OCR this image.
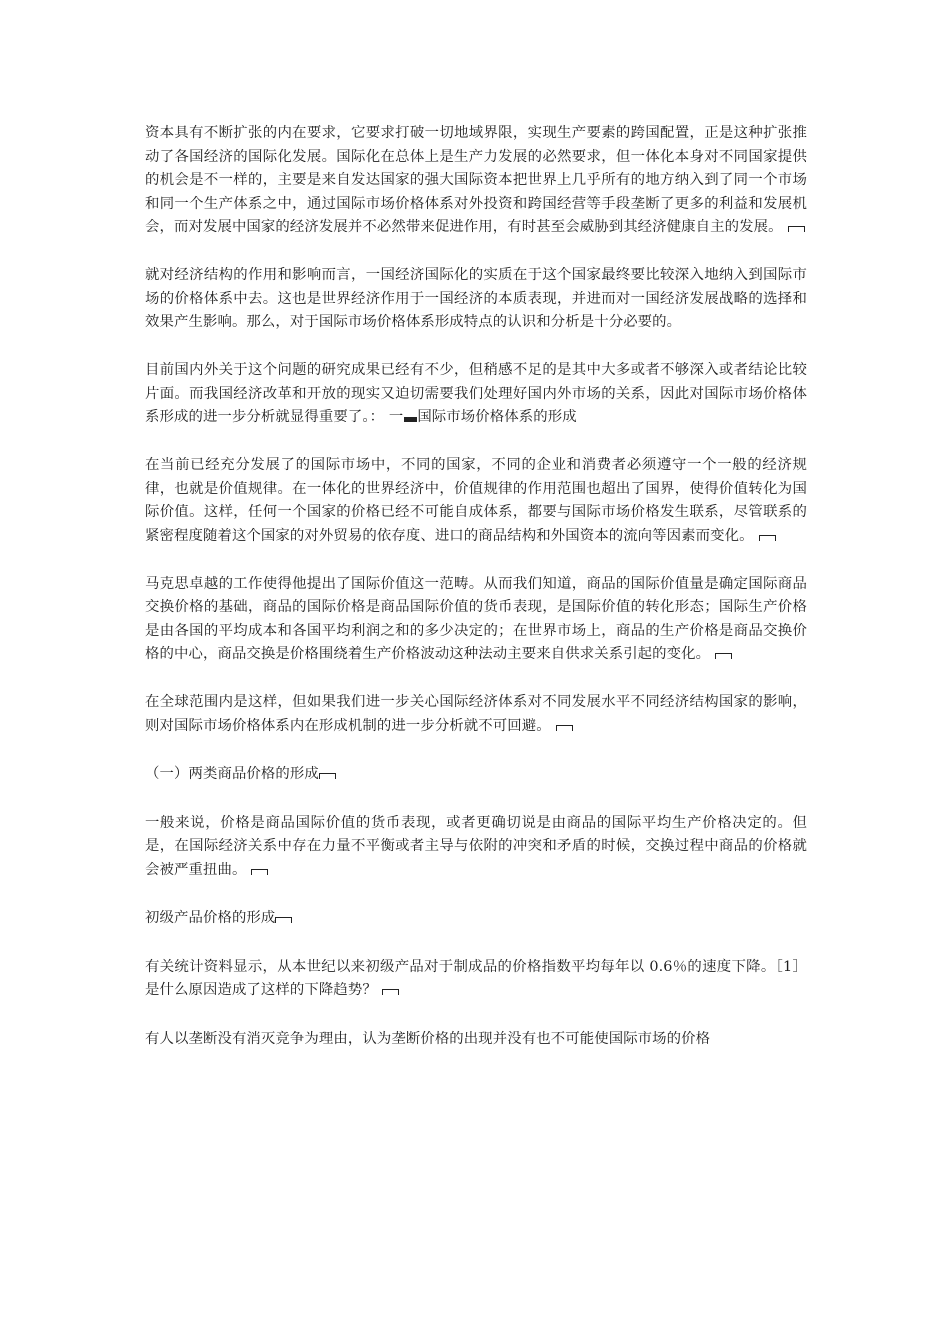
资本具有不断扩张的内在要求，它要求打破一切地域界限，实现生产要素的跨国配置，正是这种扩张推动了各国经济的国际化发展。国际化在总体上是生产力发展的必然要求，但一体化本身对不同国家提供的机会是不一样的，主要是来自发达国家的强大国际资本把世界上几乎所有的地方纳入到了同一个市场和同一个生产体系之中，通过国际市场价格体系对外投资和跨国经营等手段垄断了更多的利益和发展机会，而对发展中国家的经济发展并不必然带来促进作用，有时甚至会威胁到其经济健康自主的发展。

就对经济结构的作用和影响而言，一国经济国际化的实质在于这个国家最终要比较深入地纳入到国际市场的价格体系中去。这也是世界经济作用于一国经济的本质表现，并进而对一国经济发展战略的选择和效果产生影响。那么，对于国际市场价格体系形成特点的认识和分析是十分必要的。

目前国内外关于这个问题的研究成果已经有不少，但稍感不足的是其中大多或者不够深入或者结论比较片面。而我国经济改革和开放的现实又迫切需要我们处理好国内外市场的关系，因此对国际市场价格体系形成的进一步分析就显得重要了。： 一 国际市场价格体系的形成

在当前已经充分发展了的国际市场中，不同的国家，不同的企业和消费者必须遵守一个一般的经济规律，也就是价值规律。在一体化的世界经济中，价值规律的作用范围也超出了国界，使得价值转化为国际价值。这样，任何一个国家的价格已经不可能自成体系，都要与国际市场价格发生联系，尽管联系的紧密程度随着这个国家的对外贸易的依存度、进口的商品结构和外国资本的流向等因素而变化。

马克思卓越的工作使得他提出了国际价值这一范畴。从而我们知道，商品的国际价值量是确定国际商品交换价格的基础，商品的国际价格是商品国际价值的货币表现，是国际价值的转化形态；国际生产价格是由各国的平均成本和各国平均利润之和的多少决定的；在世界市场上，商品的生产价格是商品交换价格的中心，商品交换是价格围绕着生产价格波动这种法动主要来自供求关系引起的变化。

在全球范围内是这样，但如果我们进一步关心国际经济体系对不同发展水平不同经济结构国家的影响，则对国际市场价格体系内在形成机制的进一步分析就不可回避。

（一）两类商品价格的形成

一般来说，价格是商品国际价值的货币表现，或者更确切说是由商品的国际平均生产价格决定的。但是，在国际经济关系中存在力量不平衡或者主导与依附的冲突和矛盾的时候，交换过程中商品的价格就会被严重扭曲。

初级产品价格的形成

有关统计资料显示，从本世纪以来初级产品对于制成品的价格指数平均每年以 0.6％的速度下降。［1］是什么原因造成了这样的下降趋势？

有人以垄断没有消灭竞争为理由，认为垄断价格的出现并没有也不可能使国际市场的价格
